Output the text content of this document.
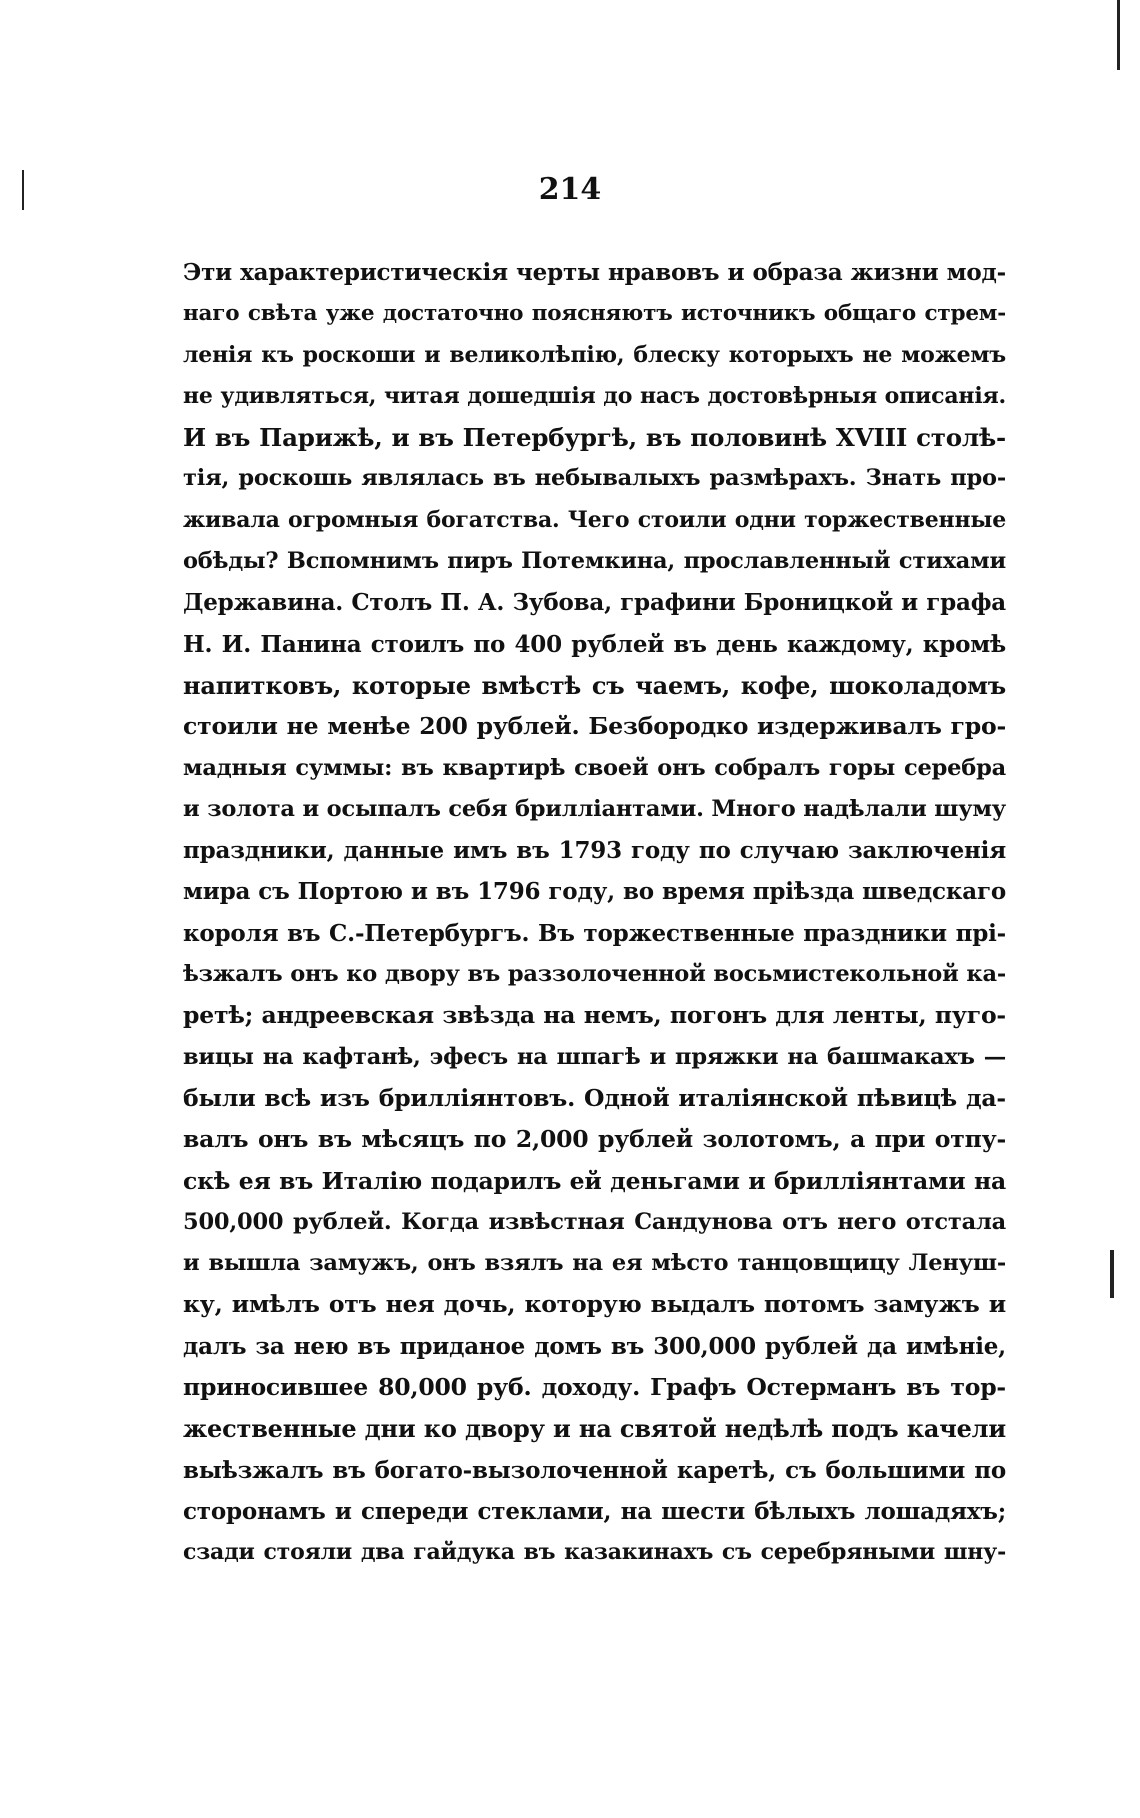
214
Эти характеристическія черты нравовъ и образа жизни мод-
наго свѣта уже достаточно поясняютъ источникъ общаго стрем-
ленія къ роскоши и великолѣпію, блеску которыхъ не можемъ
не удивляться, читая дошедшія до насъ достовѣрныя описанія.
И въ Парижѣ, и въ Петербургѣ, въ половинѣ XVIII столѣ-
тія, роскошь являлась въ небывалыхъ размѣрахъ. Знать про-
живала огромныя богатства. Чего стоили одни торжественные
обѣды? Вспомнимъ пиръ Потемкина, прославленный стихами
Державина. Столъ П. А. Зубова, графини Броницкой и графа
Н. И. Панина стоилъ по 400 рублей въ день каждому, кромѣ
напитковъ, которые вмѣстѣ съ чаемъ, кофе, шоколадомъ
стоили не менѣе 200 рублей. Безбородко издерживалъ гро-
мадныя суммы: въ квартирѣ своей онъ собралъ горы серебра
и золота и осыпалъ себя брилліантами. Много надѣлали шуму
праздники, данные имъ въ 1793 году по случаю заключенія
мира съ Портою и въ 1796 году, во время пріѣзда шведскаго
короля въ С.-Петербургъ. Въ торжественные праздники прі-
ѣзжалъ онъ ко двору въ раззолоченной восьмистекольной ка-
ретѣ; андреевская звѣзда на немъ, погонъ для ленты, пуго-
вицы на кафтанѣ, эфесъ на шпагѣ и пряжки на башмакахъ —
были всѣ изъ брилліянтовъ. Одной италіянской пѣвицѣ да-
валъ онъ въ мѣсяцъ по 2,000 рублей золотомъ, а при отпу-
скѣ ея въ Италію подарилъ ей деньгами и брилліянтами на
500,000 рублей. Когда извѣстная Сандунова отъ него отстала
и вышла замужъ, онъ взялъ на ея мѣсто танцовщицу Ленуш-
ку, имѣлъ отъ нея дочь, которую выдалъ потомъ замужъ и
далъ за нею въ приданое домъ въ 300,000 рублей да имѣніе,
приносившее 80,000 руб. доходу. Графъ Остерманъ въ тор-
жественные дни ко двору и на святой недѣлѣ подъ качели
выѣзжалъ въ богато-вызолоченной каретѣ, съ большими по
сторонамъ и спереди стеклами, на шести бѣлыхъ лошадяхъ;
сзади стояли два гайдука въ казакинахъ съ серебряными шну-
